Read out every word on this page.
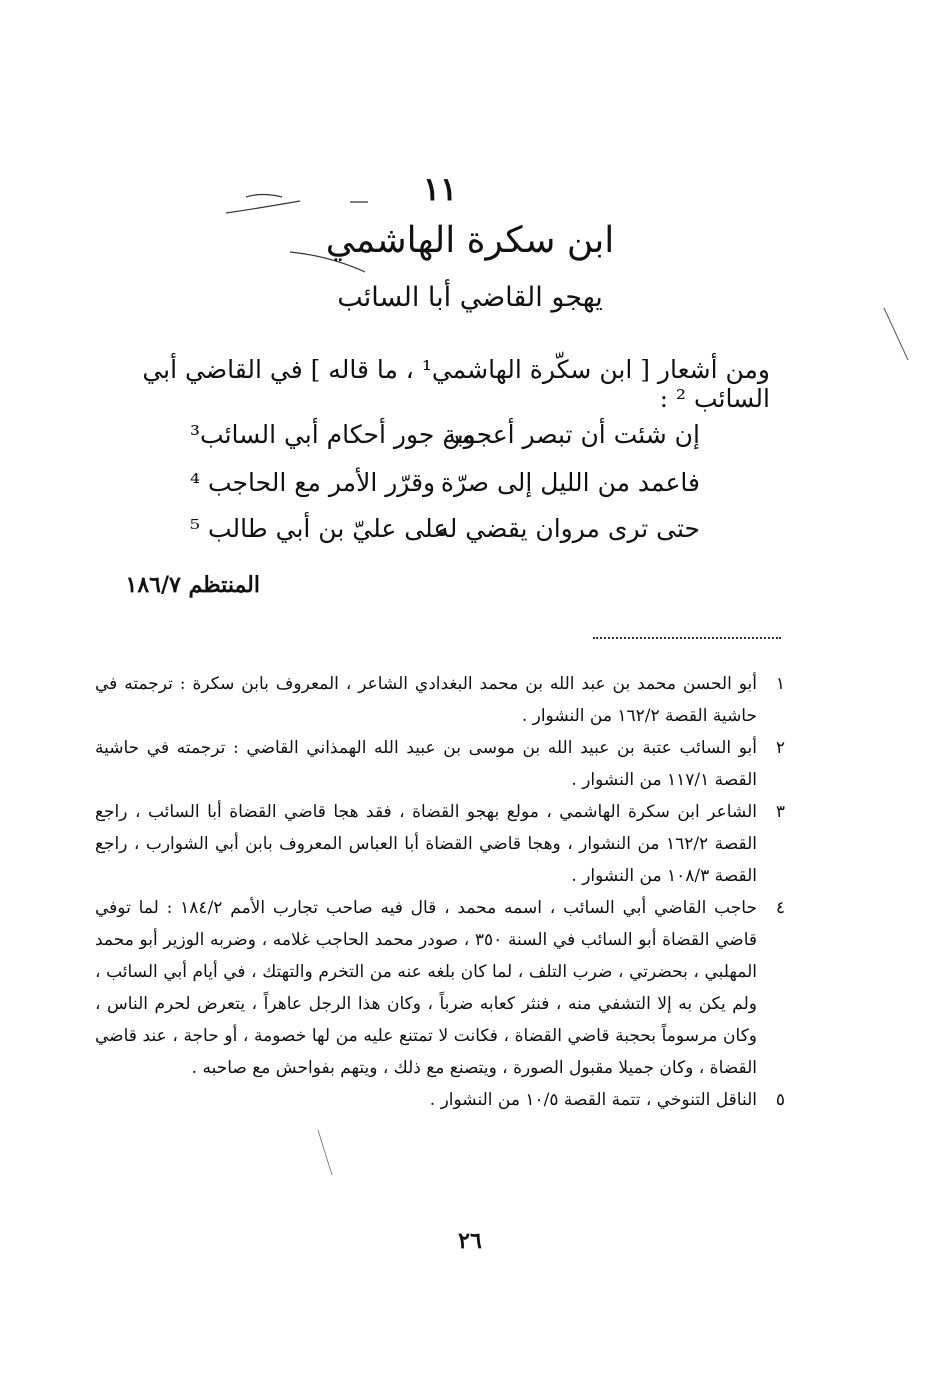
١١
ابن سكرة الهاشمي
يهجو القاضي أبا السائب
ومن أشعار [ ابن سكّرة الهاشمي¹ ، ما قاله ] في القاضي أبي السائب ² :
إن شئت أن تبصر أعجوبة
من جور أحكام أبي السائب³
فاعمد من الليل إلى صرّة
وقرّر الأمر مع الحاجب ⁴
حتى ترى مروان يقضي له
على عليّ بن أبي طالب ⁵
المنتظم ١٨٦/٧
١
أبو الحسن محمد بن عبد الله بن محمد البغدادي الشاعر ، المعروف بابن سكرة : ترجمته في حاشية القصة ١٦٢/٢ من النشوار .
٢
أبو السائب عتبة بن عبيد الله بن موسى بن عبيد الله الهمذاني القاضي : ترجمته في حاشية القصة ١١٧/١ من النشوار .
٣
الشاعر ابن سكرة الهاشمي ، مولع بهجو القضاة ، فقد هجا قاضي القضاة أبا السائب ، راجع القصة ١٦٢/٢ من النشوار ، وهجا قاضي القضاة أبا العباس المعروف بابن أبي الشوارب ، راجع القصة ١٠٨/٣ من النشوار .
٤
حاجب القاضي أبي السائب ، اسمه محمد ، قال فيه صاحب تجارب الأمم ١٨٤/٢ : لما توفي قاضي القضاة أبو السائب في السنة ٣٥٠ ، صودر محمد الحاجب غلامه ، وضربه الوزير أبو محمد المهلبي ، بحضرتي ، ضرب التلف ، لما كان بلغه عنه من التخرم والتهتك ، في أيام أبي السائب ، ولم يكن به إلا التشفي منه ، فنثر كعابه ضرباً ، وكان هذا الرجل عاهراً ، يتعرض لحرم الناس ، وكان مرسوماً بحجبة قاضي القضاة ، فكانت لا تمتنع عليه من لها خصومة ، أو حاجة ، عند قاضي القضاة ، وكان جميلا مقبول الصورة ، ويتصنع مع ذلك ، ويتهم بفواحش مع صاحبه .
٥
الناقل التنوخي ، تتمة القصة ١٠/٥ من النشوار .
٢٦
